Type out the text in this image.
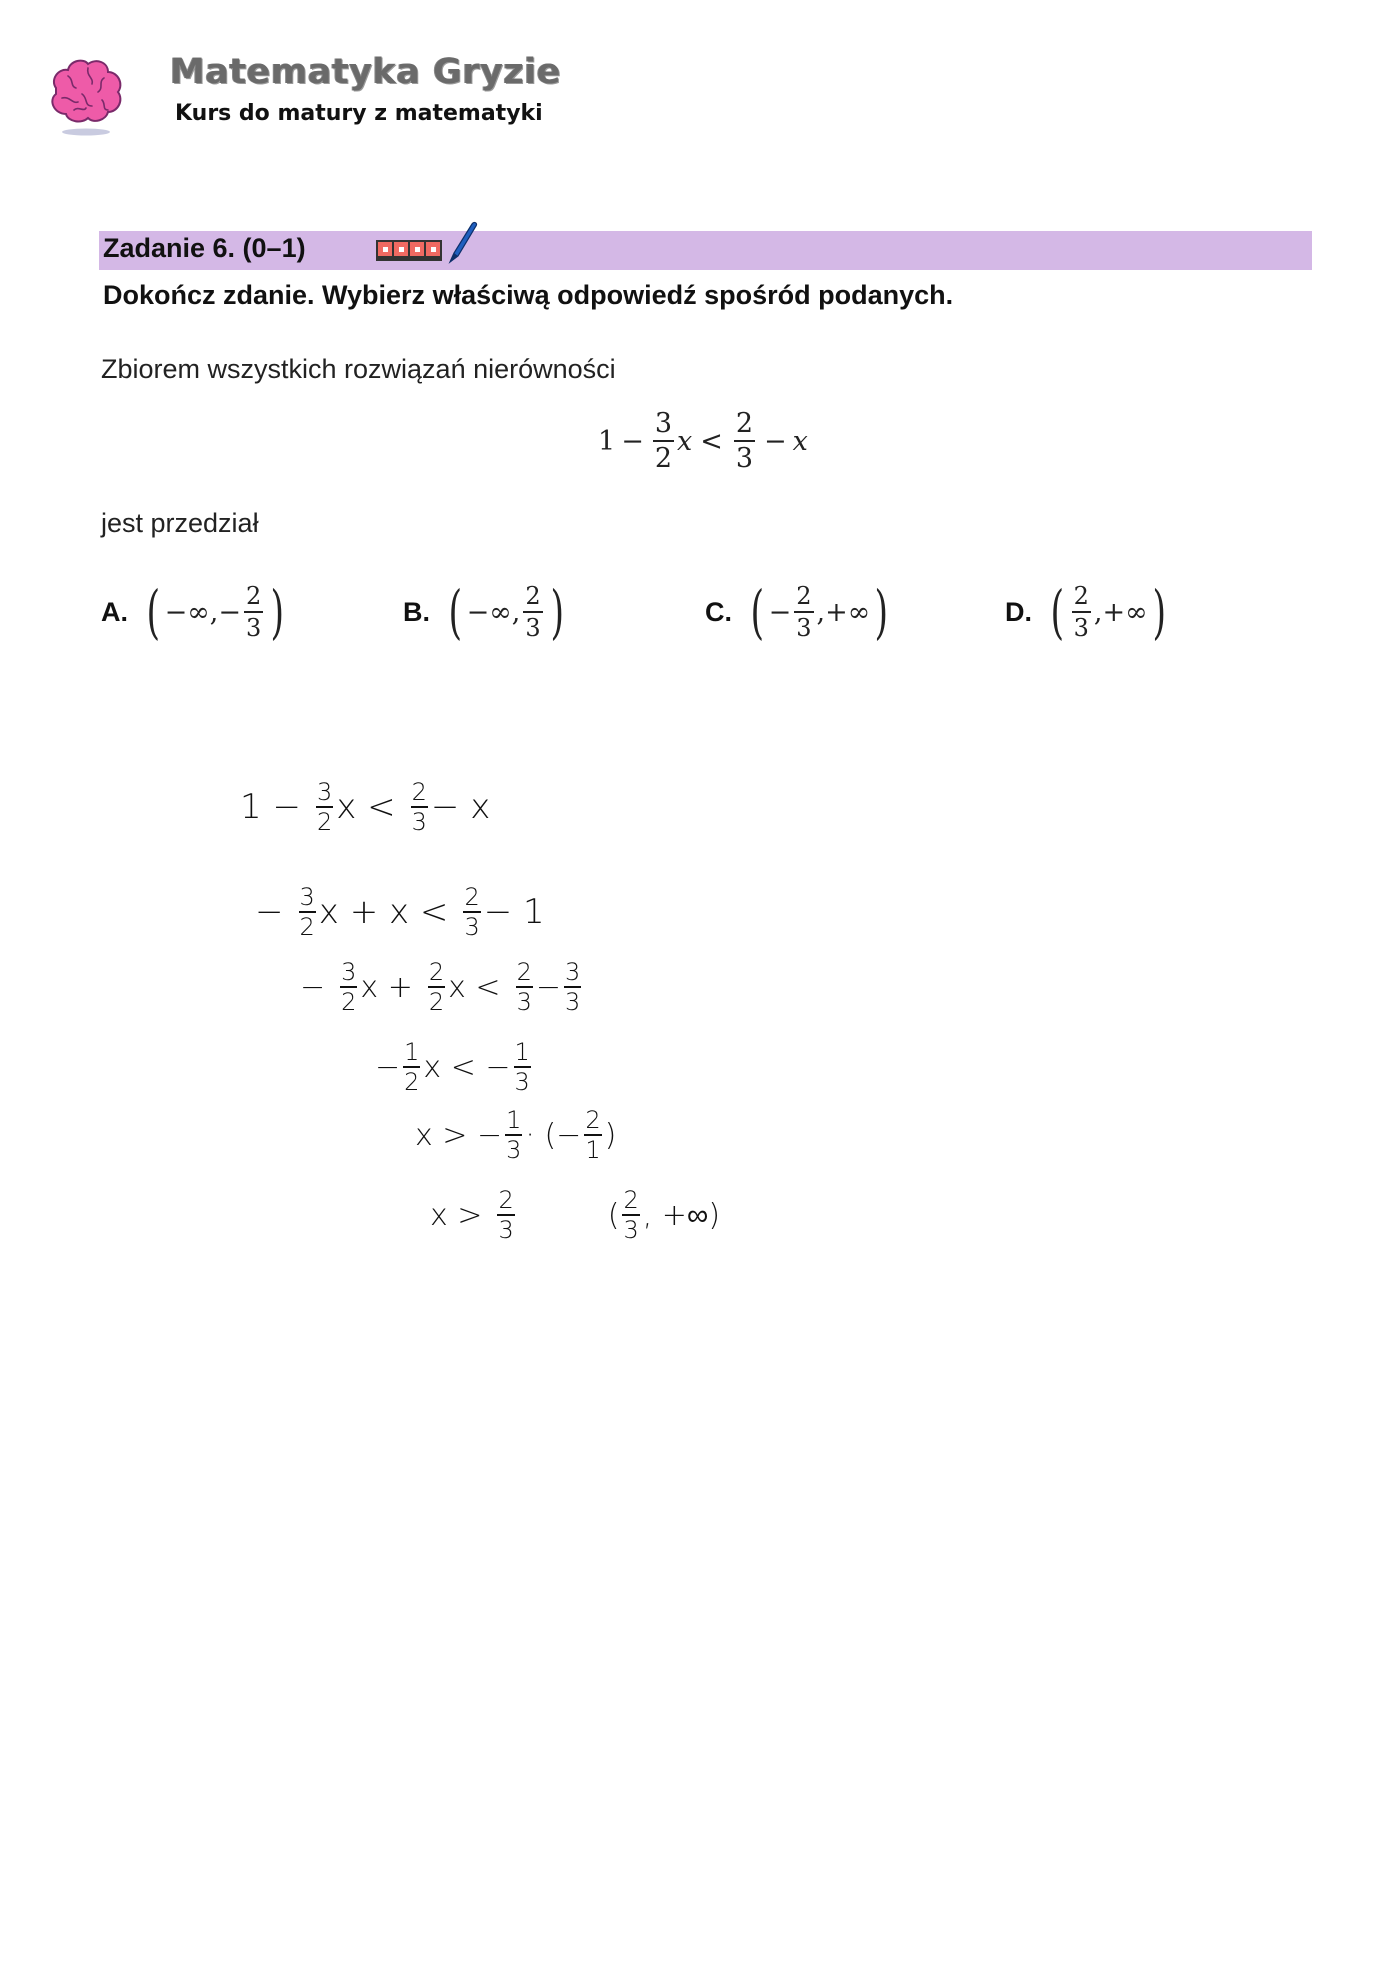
Matematyka Gryzie
Kurs do matury z matematyki
Zadanie 6. (0–1)
Dokończ zdanie. Wybierz właściwą odpowiedź spośród podanych.
Zbiorem wszystkich rozwiązań nierówności
$1 - \frac{3}{2}$ $x < \frac{2}{3} - x$
jest przedział
A. ( −∞, − $\frac{2}{3}$ )	B. ( −∞, $\frac{2}{3}$ )	C. ( − $\frac{2}{3}$ ,+∞ )	D. ( $\frac{2}{3}$ ,+∞ )
$1 - \frac{3}{2}$ $x < \frac{2}{3} - x$
− $\frac{3}{2}$ $x + x < \frac{2}{3} - 1$
− $\frac{3}{2}$ $x + \frac{2}{2}$ $x < \frac{2}{3} - \frac{3}{3}$
− $\frac{1}{2}$ x < − $\frac{1}{3}$
x > − $\frac{1}{3}$ · (− $\frac{2}{1}$ )
$x > \frac{2}{3}$	( $\frac{2}{3}$ , +∞)
